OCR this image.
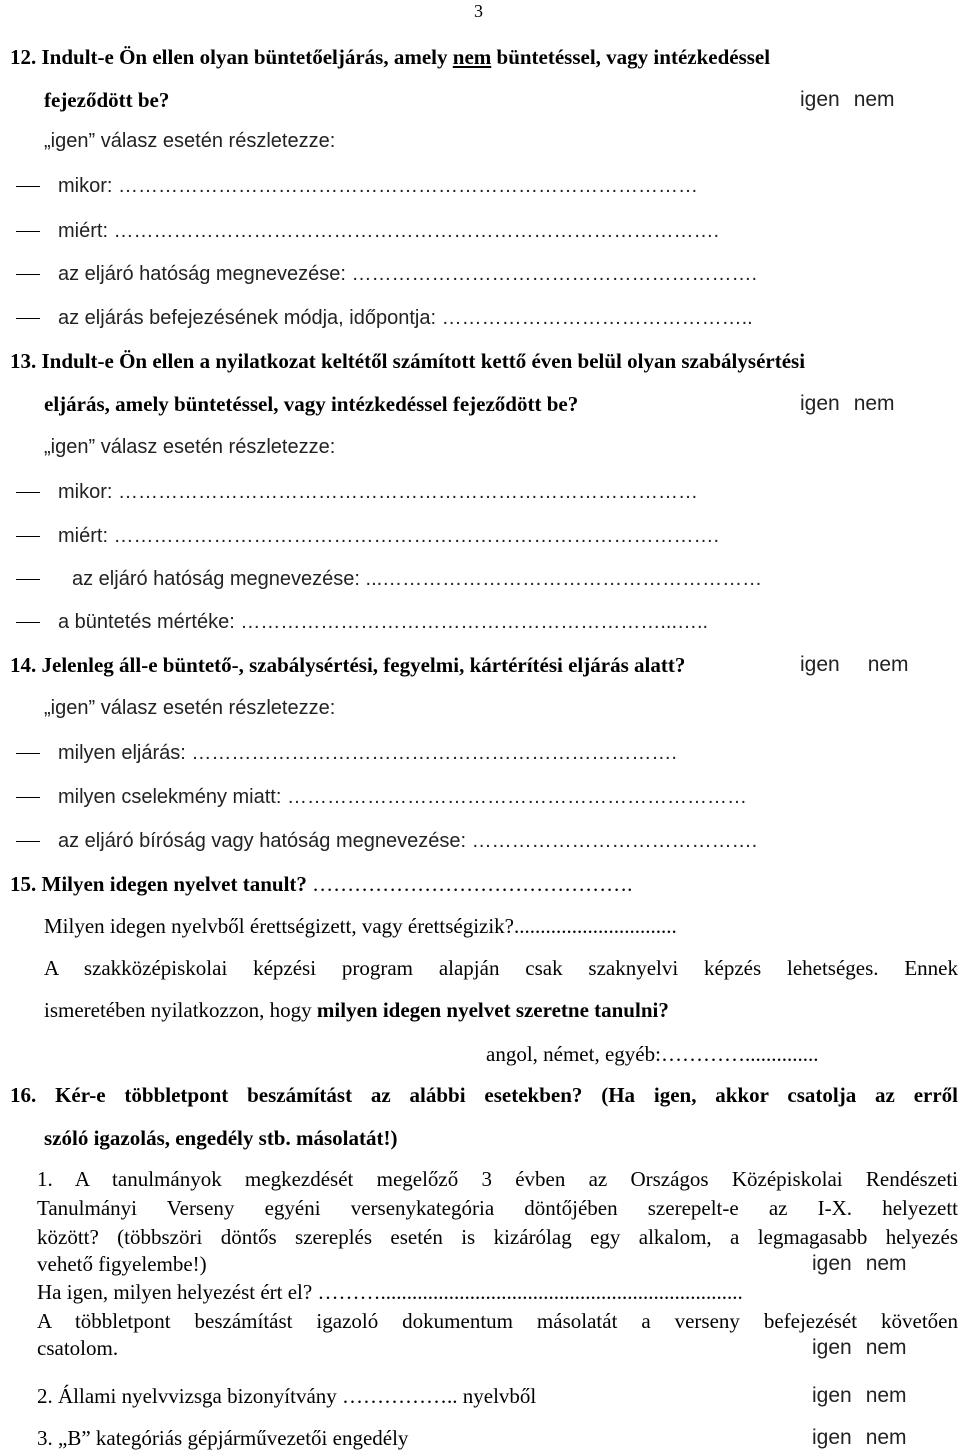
3
12. Indult-e Ön ellen olyan büntetőeljárás, amely nem büntetéssel, vagy intézkedéssel
fejeződött be?	igen nem
„igen” válasz esetén részletezze:
mikor: ……………………………………………………………………………
miért: ……………………………………………………………………………….
az eljáró hatóság megnevezése: …………………………………………………….
az eljárás befejezésének módja, időpontja: ………………………………………..
13. Indult-e Ön ellen a nyilatkozat keltétől számított kettő éven belül olyan szabálysértési
eljárás, amely büntetéssel, vagy intézkedéssel fejeződött be?	igen nem
„igen” válasz esetén részletezze:
mikor: ……………………………………………………………………………
miért: ……………………………………………………………………………….
az eljáró hatóság megnevezése: ...…………………………………………………
a büntetés mértéke: ………………………………………………………...…..
14. Jelenleg áll-e büntető-, szabálysértési, fegyelmi, kártérítési eljárás alatt?	igen nem
„igen” válasz esetén részletezze:
milyen eljárás: ……………………………………………………………….
milyen cselekmény miatt: ……………………………………………………………
az eljáró bíróság vagy hatóság megnevezése: …………………………………….
15. Milyen idegen nyelvet tanult? ……………………………………….
Milyen idegen nyelvből érettségizett, vagy érettségizik?...............................
A szakközépiskolai képzési program alapján csak szaknyelvi képzés lehetséges. Ennek
ismeretében nyilatkozzon, hogy milyen idegen nyelvet szeretne tanulni?
angol, német, egyéb:…………..............
16. Kér-e többletpont beszámítást az alábbi esetekben? (Ha igen, akkor csatolja az erről
szóló igazolás, engedély stb. másolatát!)
1. A tanulmányok megkezdését megelőző 3 évben az Országos Középiskolai Rendészeti
Tanulmányi Verseny egyéni versenykategória döntőjében szerepelt-e az I-X. helyezett
között? (többszöri döntős szereplés esetén is kizárólag egy alkalom, a legmagasabb helyezés
vehető figyelembe!)	igen nem
Ha igen, milyen helyezést ért el? ……….....................................................................
A többletpont beszámítást igazoló dokumentum másolatát a verseny befejezését követően
csatolom.	igen nem
2. Állami nyelvvizsga bizonyítvány …………….. nyelvből	igen nem
3. „B” kategóriás gépjárművezetői engedély	igen nem
